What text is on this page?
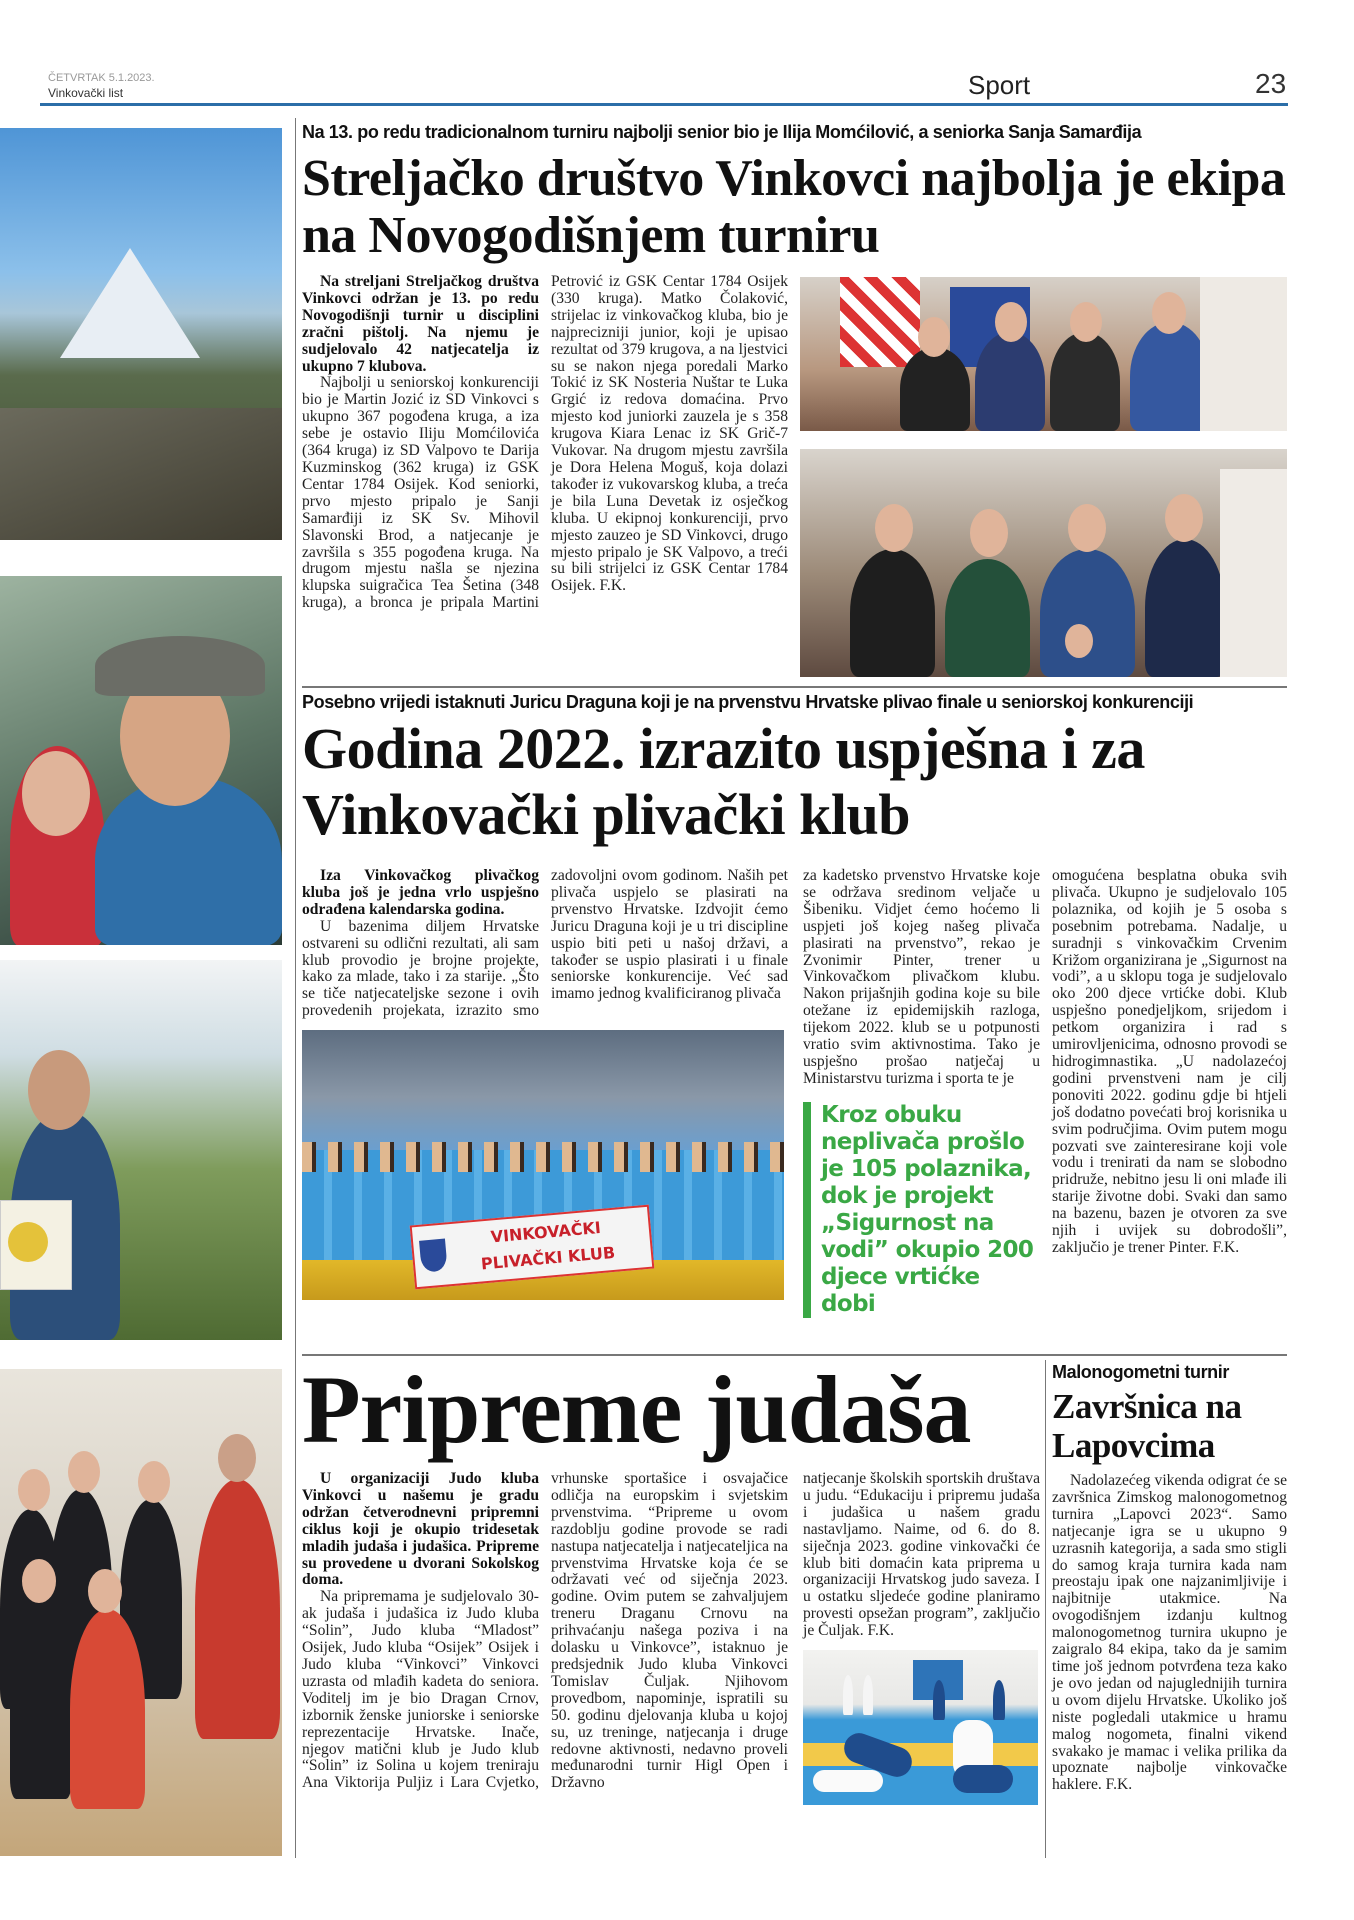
ČETVRTAK 5.1.2023.
Vinkovački list	Sport	23
Na 13. po redu tradicionalnom turniru najbolji senior bio je Ilija Momćilović, a seniorka Sanja Samarđija
Streljačko društvo Vinkovci najbolja je ekipa na Novogodišnjem turniru

Na streljani Streljačkog društva Vinkovci održan je 13. po redu Novogodišnji turnir u disciplini zračni pištolj. Na njemu je sudjelovalo 42 natjecatelja iz ukupno 7 klubova.

Najbolji u seniorskoj konkurenciji bio je Martin Jozić iz SD Vinkovci s ukupno 367 pogođena kruga, a iza sebe je ostavio Iliju Momćilovića (364 kruga) iz SD Valpovo te Darija Kuzminskog (362 kruga) iz GSK Centar 1784 Osijek. Kod seniorki, prvo mjesto pripalo je Sanji Samarđiji iz SK Sv. Mihovil Slavonski Brod, a natjecanje je završila s 355 pogođena kruga. Na drugom mjestu našla se njezina klupska suigračica Tea Šetina (348 kruga), a bronca je pripala Martini Petrović iz GSK Centar 1784 Osijek (330 kruga). Matko Čolaković, strijelac iz vinkovačkog kluba, bio je najprecizniji junior, koji je upisao rezultat od 379 krugova, a na ljestvici su se nakon njega poredali Marko Tokić iz SK Nosteria Nuštar te Luka Grgić iz redova domaćina. Prvo mjesto kod juniorki zauzela je s 358 krugova Kiara Lenac iz SK Grič-7 Vukovar. Na drugom mjestu završila je Dora Helena Moguš, koja dolazi također iz vukovarskog kluba, a treća je bila Luna Devetak iz osječkog kluba. U ekipnoj konkurenciji, prvo mjesto zauzeo je SD Vinkovci, drugo mjesto pripalo je SK Valpovo, a treći su bili strijelci iz GSK Centar 1784 Osijek. F.K.

Posebno vrijedi istaknuti Juricu Draguna koji je na prvenstvu Hrvatske plivao finale u seniorskoj konkurenciji
Godina 2022. izrazito uspješna i za Vinkovački plivački klub

Iza Vinkovačkog plivačkog kluba još je jedna vrlo uspješno odrađena kalendarska godina.

U bazenima diljem Hrvatske ostvareni su odlični rezultati, ali sam klub provodio je brojne projekte, kako za mlade, tako i za starije. „Što se tiče natjecateljske sezone i ovih provedenih projekata, izrazito smo zadovoljni ovom godinom. Naših pet plivača uspjelo se plasirati na prvenstvo Hrvatske. Izdvojit ćemo Juricu Draguna koji je u tri discipline uspio biti peti u našoj državi, a također se uspio plasirati i u finale seniorske konkurencije. Već sad imamo jednog kvalificiranog plivača

VINKOVAČKI PLIVAČKI KLUB

za kadetsko prvenstvo Hrvatske koje se održava sredinom veljače u Šibeniku. Vidjet ćemo hoćemo li uspjeti još kojeg našeg plivača plasirati na prvenstvo”, rekao je Zvonimir Pinter, trener u Vinkovačkom plivačkom klubu. Nakon prijašnjih godina koje su bile otežane iz epidemijskih razloga, tijekom 2022. klub se u potpunosti vratio svim aktivnostima. Tako je uspješno prošao natječaj u Ministarstvu turizma i sporta te je

Kroz obuku neplivača prošlo je 105 polaznika, dok je projekt „Sigurnost na vodi” okupio 200 djece vrtićke dobi

omogućena besplatna obuka svih plivača. Ukupno je sudjelovalo 105 polaznika, od kojih je 5 osoba s posebnim potrebama. Nadalje, u suradnji s vinkovačkim Crvenim Križom organizirana je „Sigurnost na vodi”, a u sklopu toga je sudjelovalo oko 200 djece vrtićke dobi. Klub uspješno ponedjeljkom, srijedom i petkom organizira i rad s umirovljenicima, odnosno provodi se hidrogimnastika. „U nadolazećoj godini prvenstveni nam je cilj ponoviti 2022. godinu gdje bi htjeli još dodatno povećati broj korisnika u svim područjima. Ovim putem mogu pozvati sve zainteresirane koji vole vodu i trenirati da nam se slobodno pridruže, nebitno jesu li oni mlađe ili starije životne dobi. Svaki dan samo na bazenu, bazen je otvoren za sve njih i uvijek su dobrodošli”, zaključio je trener Pinter. F.K.

Pripreme judaša

U organizaciji Judo kluba Vinkovci u našemu je gradu održan četverodnevni pripremni ciklus koji je okupio tridesetak mladih judaša i judašica. Pripreme su provedene u dvorani Sokolskog doma.

Na pripremama je sudjelovalo 30-ak judaša i judašica iz Judo kluba “Solin”, Judo kluba “Mladost” Osijek, Judo kluba “Osijek” Osijek i Judo kluba “Vinkovci” Vinkovci uzrasta od mlađih kadeta do seniora. Voditelj im je bio Dragan Crnov, izbornik ženske juniorske i seniorske reprezentacije Hrvatske. Inače, njegov matični klub je Judo klub “Solin” iz Solina u kojem treniraju Ana Viktorija Puljiz i Lara Cvjetko, vrhunske sportašice i osvajačice odličja na europskim i svjetskim prvenstvima. “Pripreme u ovom razdoblju godine provode se radi nastupa natjecatelja i natjecateljica na prvenstvima Hrvatske koja će se održavati već od siječnja 2023. godine. Ovim putem se zahvaljujem treneru Draganu Crnovu na prihvaćanju našega poziva i na dolasku u Vinkovce”, istaknuo je predsjednik Judo kluba Vinkovci Tomislav Čuljak. Njihovom provedbom, napominje, ispratili su 50. godinu djelovanja kluba u kojoj su, uz treninge, natjecanja i druge redovne aktivnosti, nedavno proveli međunarodni turnir Higl Open i Državno

natjecanje školskih sportskih društava u judu. “Edukaciju i pripremu judaša i judašica u našem gradu nastavljamo. Naime, od 6. do 8. siječnja 2023. godine vinkovački će klub biti domaćin kata priprema u organizaciji Hrvatskog judo saveza. I u ostatku sljedeće godine planiramo provesti opsežan program”, zaključio je Čuljak. F.K.

Malonogometni turnir
Završnica na Lapovcima

Nadolazećeg vikenda odigrat će se završnica Zimskog malonogometnog turnira „Lapovci 2023“. Samo natjecanje igra se u ukupno 9 uzrasnih kategorija, a sada smo stigli do samog kraja turnira kada nam preostaju ipak one najzanimljivije i najbitnije utakmice. Na ovogodišnjem izdanju kultnog malonogometnog turnira ukupno je zaigralo 84 ekipa, tako da je samim time još jednom potvrđena teza kako je ovo jedan od najuglednijih turnira u ovom dijelu Hrvatske. Ukoliko još niste pogledali utakmice u hramu malog nogometa, finalni vikend svakako je mamac i velika prilika da upoznate najbolje vinkovačke haklere. F.K.
